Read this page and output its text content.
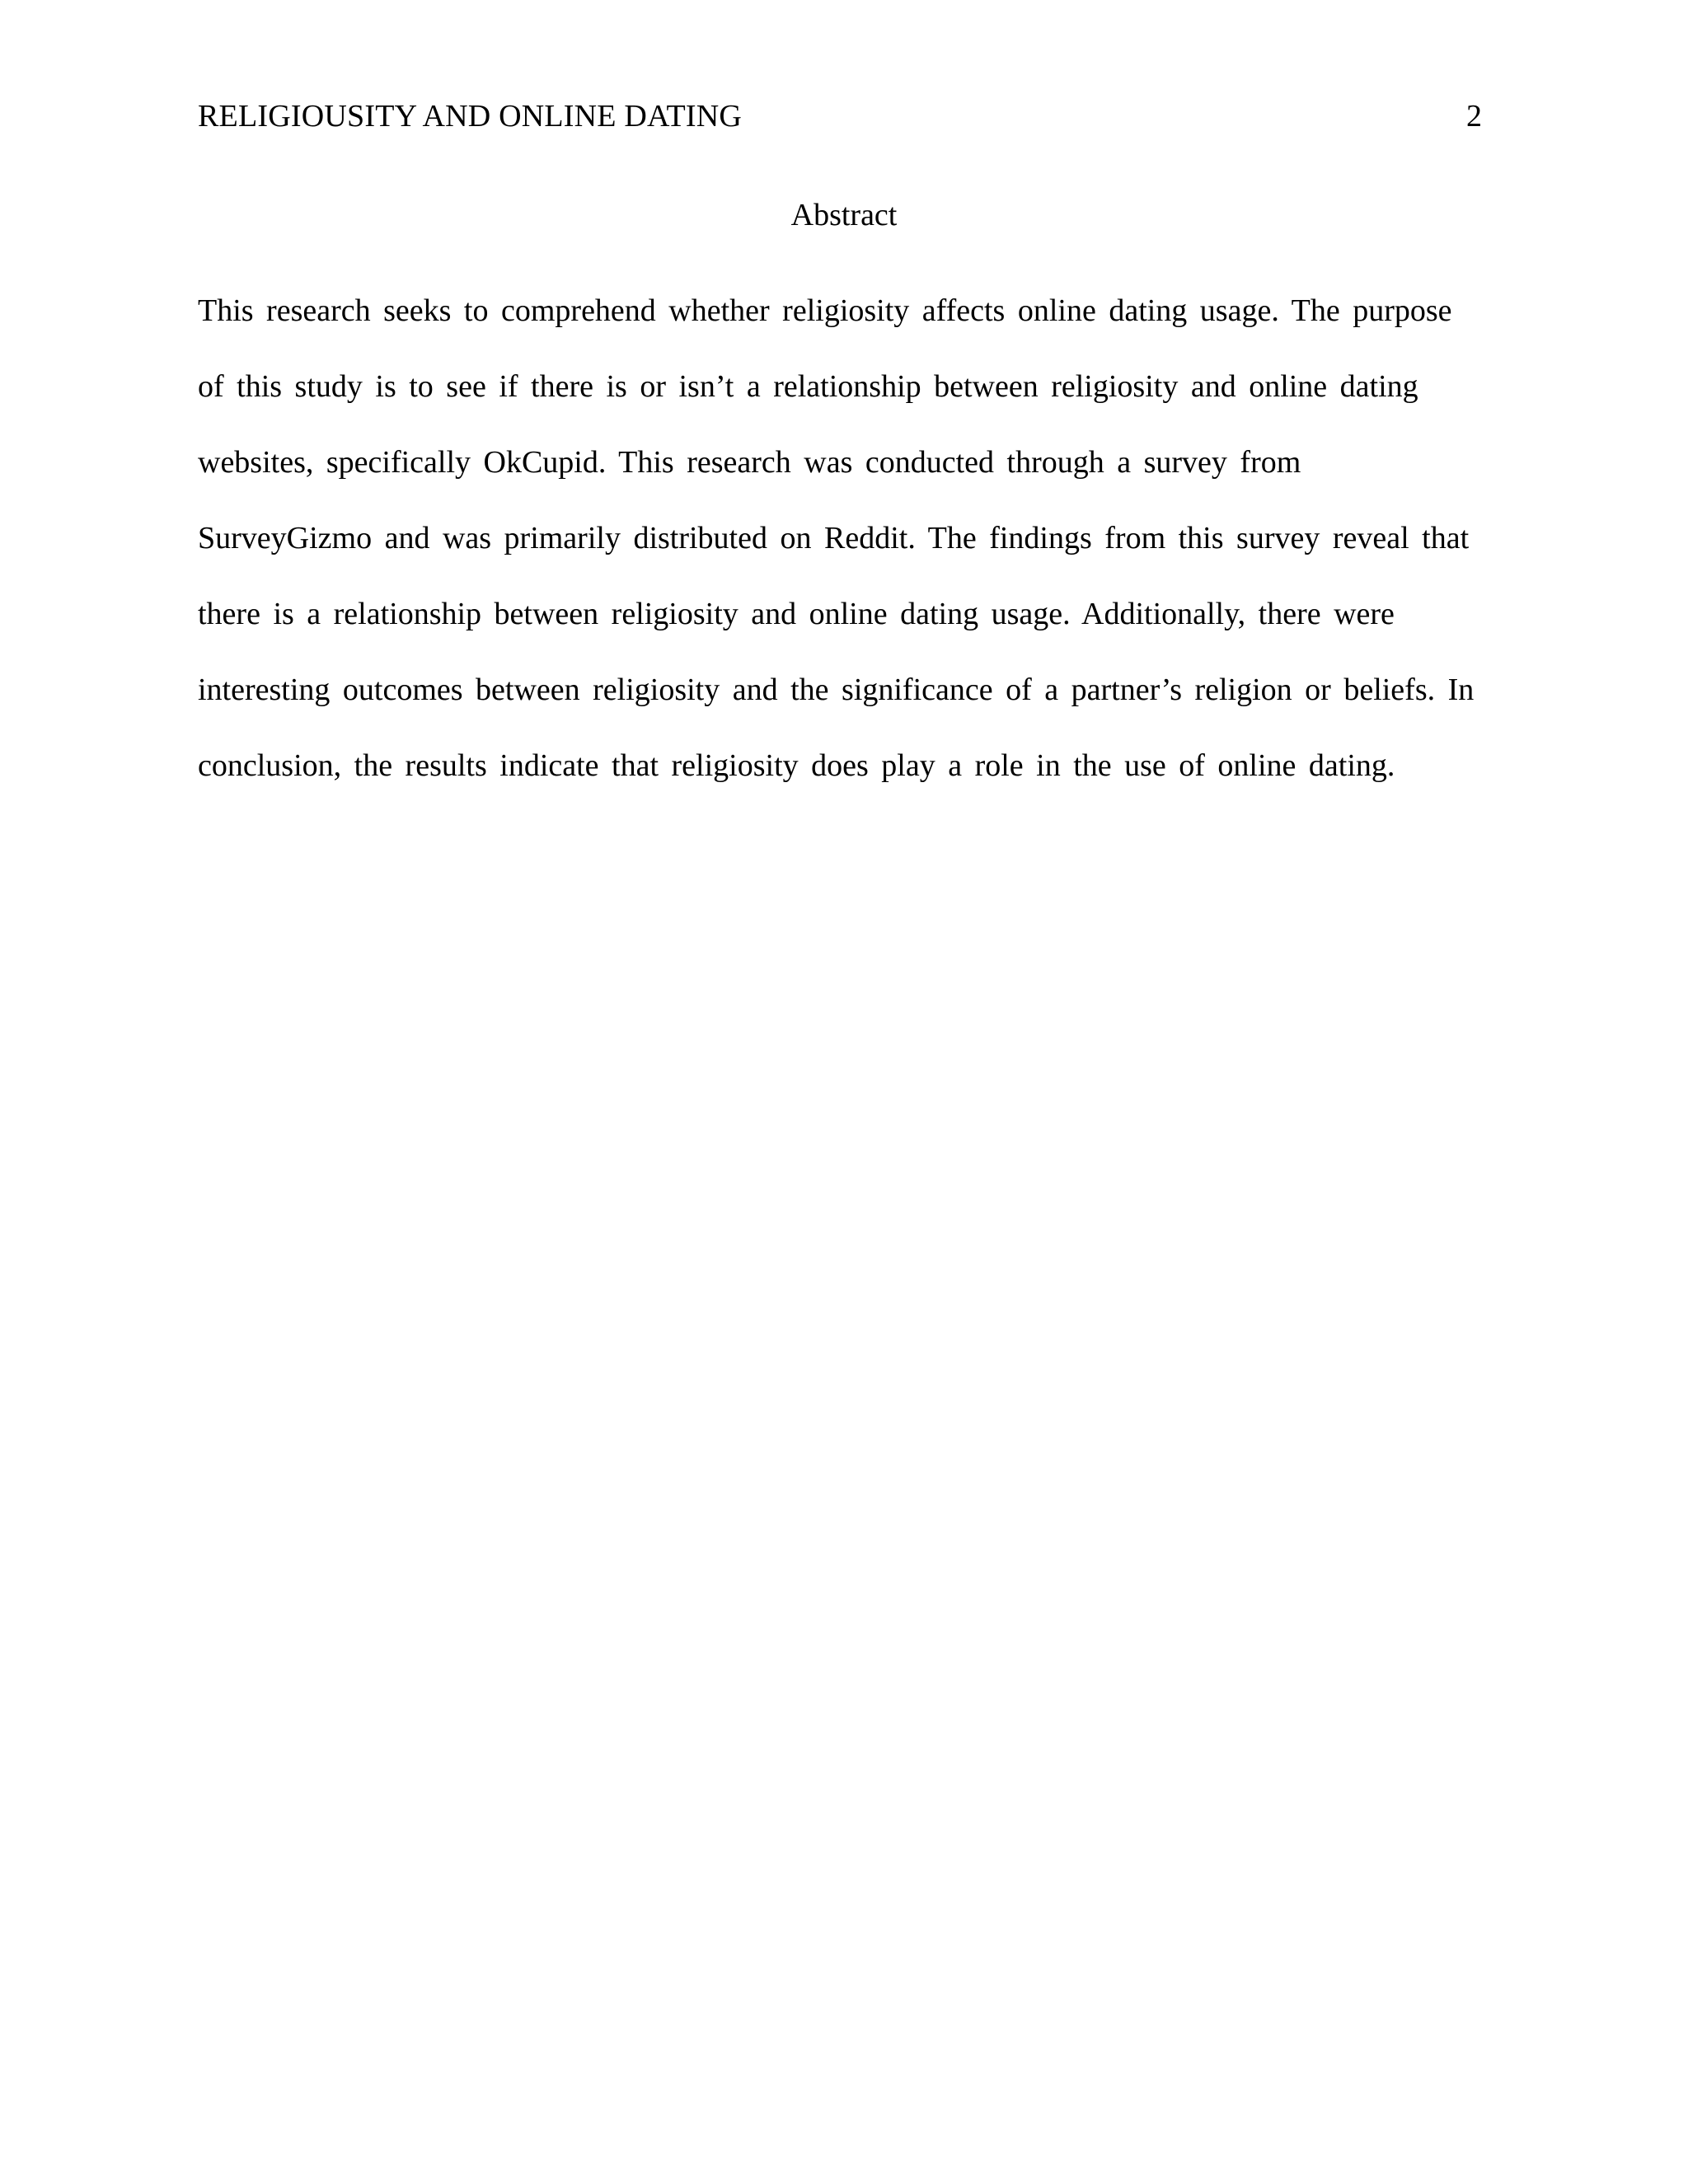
RELIGIOUSITY AND ONLINE DATING	2
Abstract
This research seeks to comprehend whether religiosity affects online dating usage. The purpose
of this study is to see if there is or isn’t a relationship between religiosity and online dating
websites, specifically OkCupid. This research was conducted through a survey from
SurveyGizmo and was primarily distributed on Reddit. The findings from this survey reveal that
there is a relationship between religiosity and online dating usage. Additionally, there were
interesting outcomes between religiosity and the significance of a partner’s religion or beliefs. In
conclusion, the results indicate that religiosity does play a role in the use of online dating.
